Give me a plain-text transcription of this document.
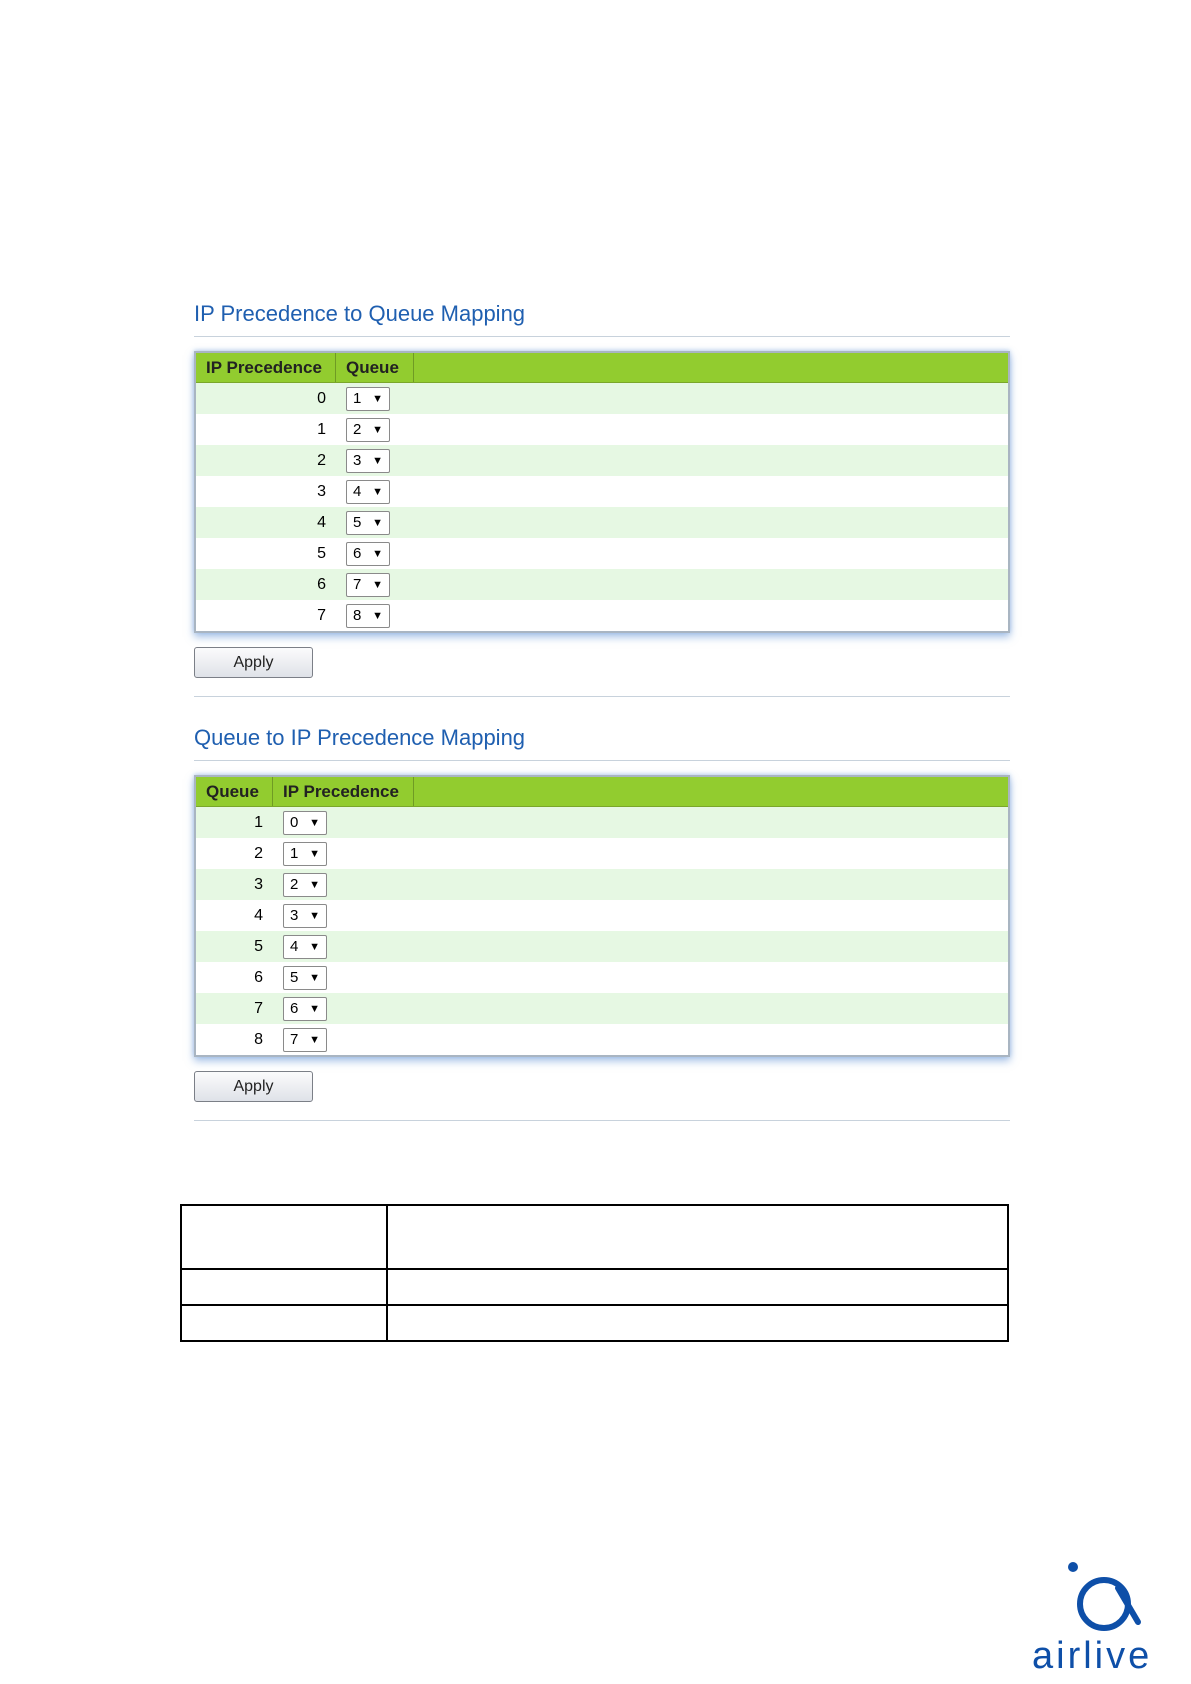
IP Precedence to Queue Mapping
IP Precedence	Queue
0	1 ▼
1	2 ▼
2	3 ▼
3	4 ▼
4	5 ▼
5	6 ▼
6	7 ▼
7	8 ▼
Apply
Queue to IP Precedence Mapping
Queue	IP Precedence
1	0 ▼
2	1 ▼
3	2 ▼
4	3 ▼
5	4 ▼
6	5 ▼
7	6 ▼
8	7 ▼
Apply

airlive
